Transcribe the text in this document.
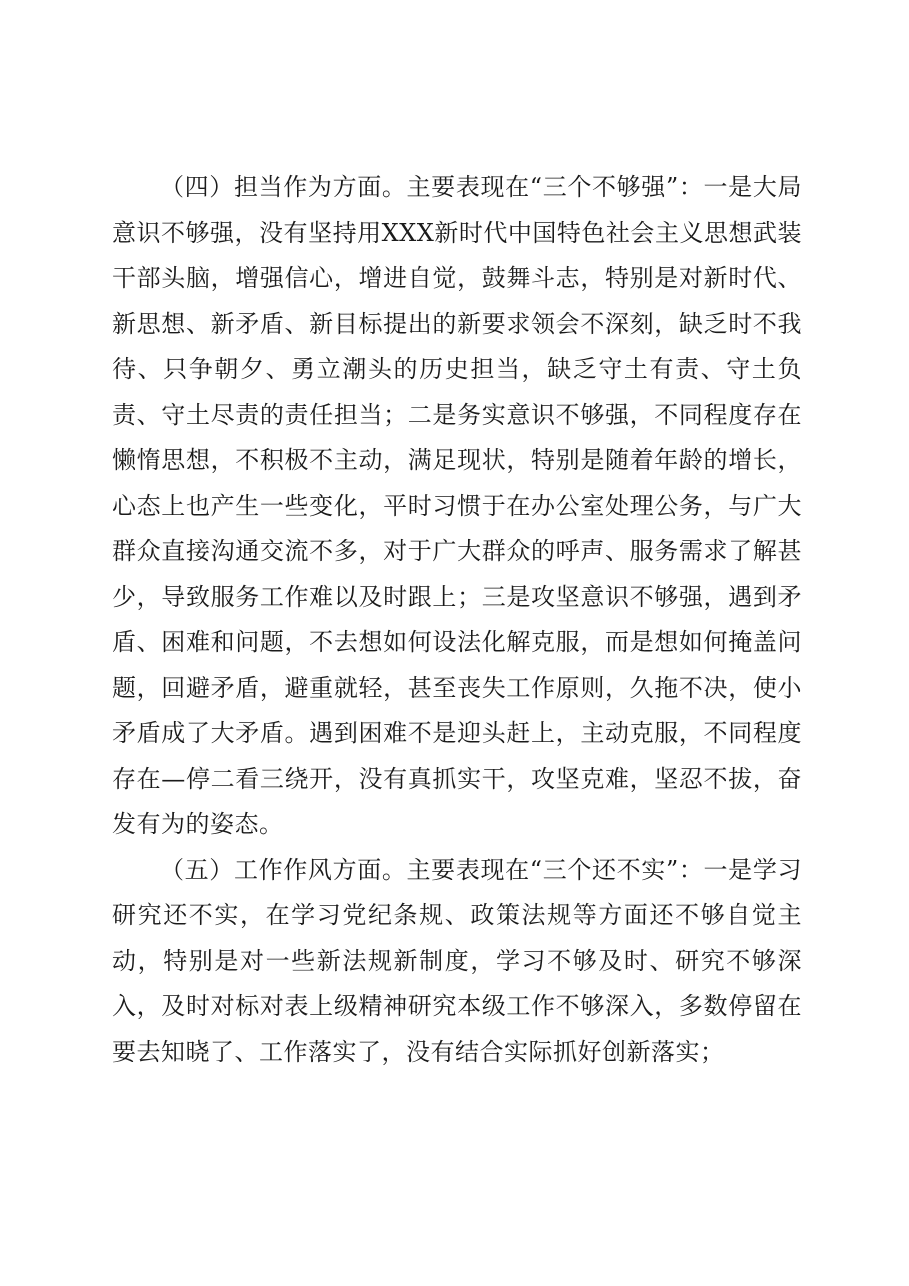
（四）担当作为方面。主要表现在“三个不够强”：一是大局意识不够强，没有坚持用XXX新时代中国特色社会主义思想武装干部头脑，增强信心，增进自觉，鼓舞斗志，特别是对新时代、新思想、新矛盾、新目标提出的新要求领会不深刻，缺乏时不我待、只争朝夕、勇立潮头的历史担当，缺乏守土有责、守土负责、守土尽责的责任担当；二是务实意识不够强，不同程度存在懒惰思想，不积极不主动，满足现状，特别是随着年龄的增长，心态上也产生一些变化，平时习惯于在办公室处理公务，与广大群众直接沟通交流不多，对于广大群众的呼声、服务需求了解甚少，导致服务工作难以及时跟上；三是攻坚意识不够强，遇到矛盾、困难和问题，不去想如何设法化解克服，而是想如何掩盖问题，回避矛盾，避重就轻，甚至丧失工作原则，久拖不决，使小矛盾成了大矛盾。遇到困难不是迎头赶上，主动克服，不同程度存在—停二看三绕开，没有真抓实干，攻坚克难，坚忍不拔，奋发有为的姿态。

（五）工作作风方面。主要表现在“三个还不实”：一是学习研究还不实，在学习党纪条规、政策法规等方面还不够自觉主动，特别是对一些新法规新制度，学习不够及时、研究不够深入，及时对标对表上级精神研究本级工作不够深入，多数停留在要去知晓了、工作落实了，没有结合实际抓好创新落实；
